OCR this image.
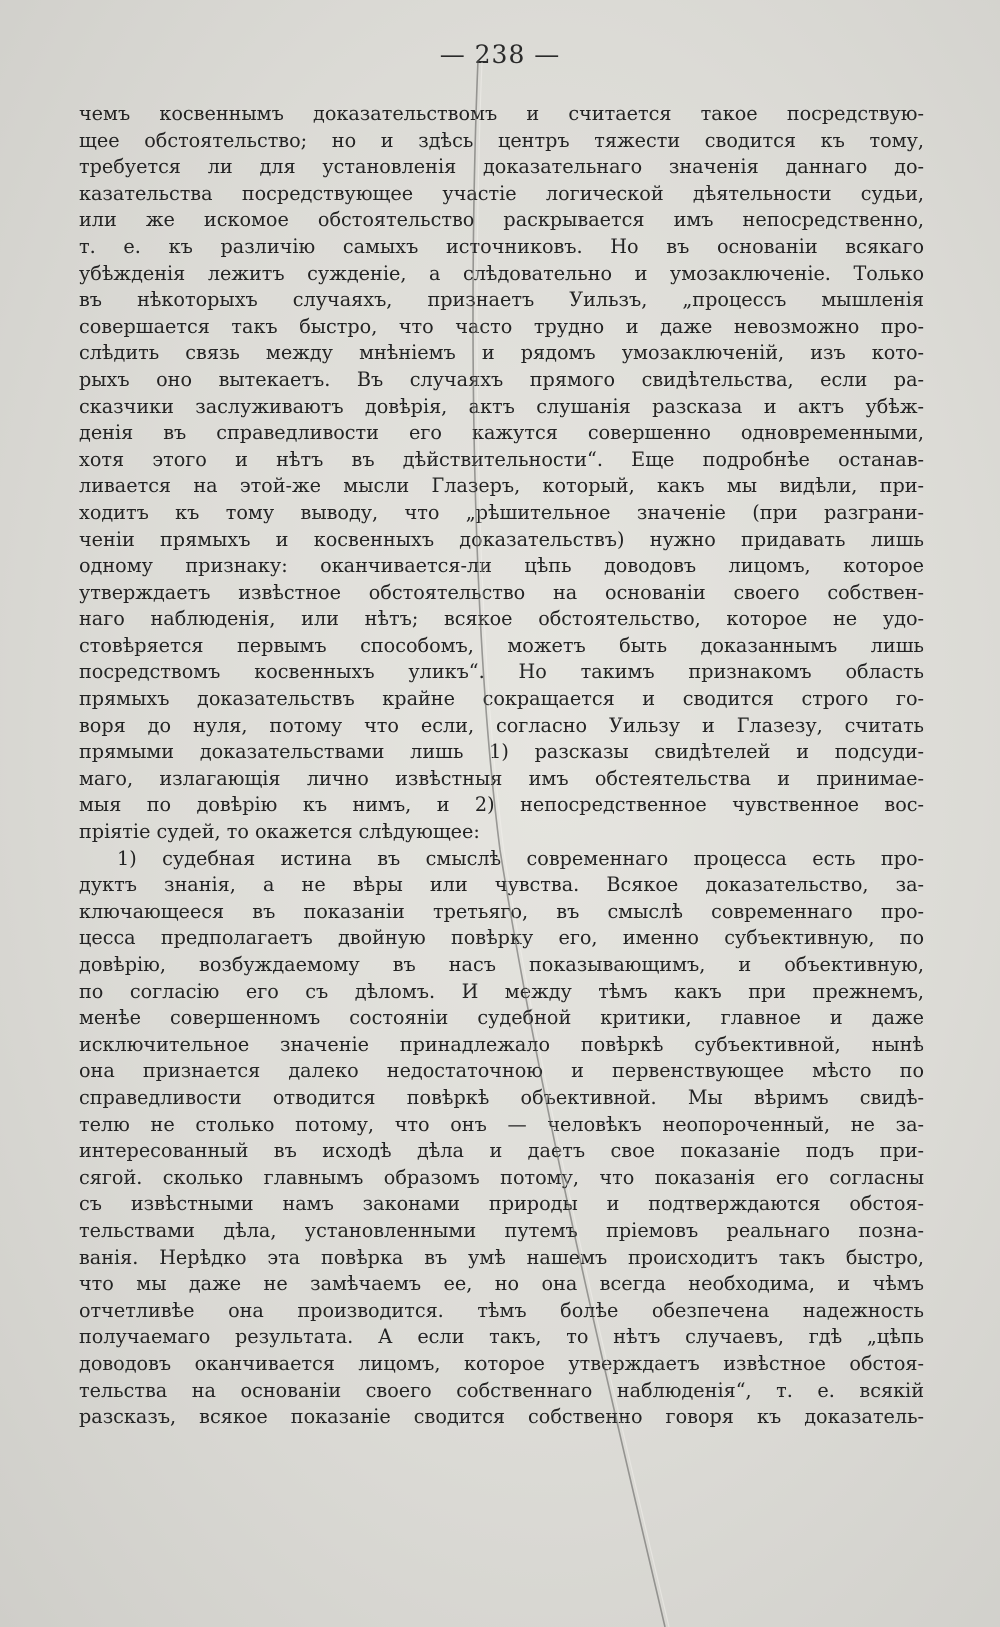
— 238 —
чемъ косвеннымъ доказательствомъ и считается такое посредствую-
щее обстоятельство; но и здѣсь центръ тяжести сводится къ тому,
требуется ли для установленія доказательнаго значенія даннаго до-
казательства посредствующее участіе логической дѣятельности судьи,
или же искомое обстоятельство раскрывается имъ непосредственно,
т. е. къ различію самыхъ источниковъ. Но въ основаніи всякаго
убѣжденія лежитъ сужденіе, а слѣдовательно и умозаключеніе. Только
въ нѣкоторыхъ случаяхъ, признаетъ Уильзъ, „процессъ мышленія
совершается такъ быстро, что часто трудно и даже невозможно про-
слѣдить связь между мнѣніемъ и рядомъ умозаключеній, изъ кото-
рыхъ оно вытекаетъ. Въ случаяхъ прямого свидѣтельства, если ра-
сказчики заслуживаютъ довѣрія, актъ слушанія разсказа и актъ убѣж-
денія въ справедливости его кажутся совершенно одновременными,
хотя этого и нѣтъ въ дѣйствительности“. Еще подробнѣе останав-
ливается на этой-же мысли Глазеръ, который, какъ мы видѣли, при-
ходитъ къ тому выводу, что „рѣшительное значеніе (при разграни-
ченіи прямыхъ и косвенныхъ доказательствъ) нужно придавать лишь
одному признаку: оканчивается-ли цѣпь доводовъ лицомъ, которое
утверждаетъ извѣстное обстоятельство на основаніи своего собствен-
наго наблюденія, или нѣтъ; всякое обстоятельство, которое не удо-
стовѣряется первымъ способомъ, можетъ быть доказаннымъ лишь
посредствомъ косвенныхъ уликъ“. Но такимъ признакомъ область
прямыхъ доказательствъ крайне сокращается и сводится строго го-
воря до нуля, потому что если, согласно Уильзу и Глазезу, считать
прямыми доказательствами лишь 1) разсказы свидѣтелей и подсуди-
маго, излагающія лично извѣстныя имъ обстеятельства и принимае-
мыя по довѣрію къ нимъ, и 2) непосредственное чувственное вос-
пріятіе судей, то окажется слѣдующее:
1) судебная истина въ смыслѣ современнаго процесса есть про-
дуктъ знанія, а не вѣры или чувства. Всякое доказательство, за-
ключающееся въ показаніи третьяго, въ смыслѣ современнаго про-
цесса предполагаетъ двойную повѣрку его, именно субъективную, по
довѣрію, возбуждаемому въ насъ показывающимъ, и объективную,
по согласію его съ дѣломъ. И между тѣмъ какъ при прежнемъ,
менѣе совершенномъ состояніи судебной критики, главное и даже
исключительное значеніе принадлежало повѣркѣ субъективной, нынѣ
она признается далеко недостаточною и первенствующее мѣсто по
справедливости отводится повѣркѣ объективной. Мы вѣримъ свидѣ-
телю не столько потому, что онъ — человѣкъ неопороченный, не за-
интересованный въ исходѣ дѣла и даетъ свое показаніе подъ при-
сягой. сколько главнымъ образомъ потому, что показанія его согласны
съ извѣстными намъ законами природы и подтверждаются обстоя-
тельствами дѣла, установленными путемъ пріемовъ реальнаго позна-
ванія. Нерѣдко эта повѣрка въ умѣ нашемъ происходитъ такъ быстро,
что мы даже не замѣчаемъ ее, но она всегда необходима, и чѣмъ
отчетливѣе она производится. тѣмъ болѣе обезпечена надежность
получаемаго результата. А если такъ, то нѣтъ случаевъ, гдѣ „цѣпь
доводовъ оканчивается лицомъ, которое утверждаетъ извѣстное обстоя-
тельства на основаніи своего собственнаго наблюденія“, т. е. всякій
разсказъ, всякое показаніе сводится собственно говоря къ доказатель-
